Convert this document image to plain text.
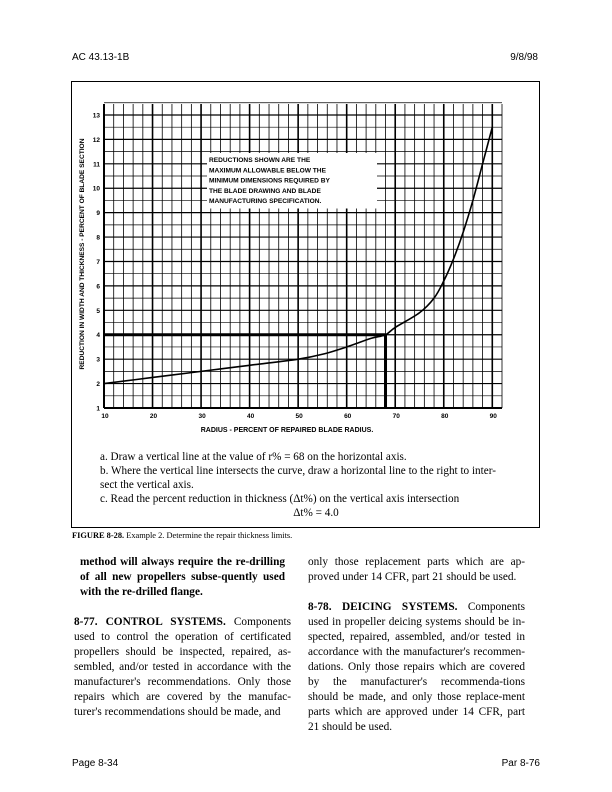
AC 43.13-1B	9/8/98
10	20	30	40	50	60	70	80	90
1
2
3
4
5
6
7
8
9
10
11
12
13
REDUCTIONS SHOWN ARE THE
MAXIMUM ALLOWABLE BELOW THE
MINIMUM DIMENSIONS REQUIRED BY
THE BLADE DRAWING AND BLADE
MANUFACTURING SPECIFICATION.
RADIUS - PERCENT OF REPAIRED BLADE RADIUS.
REDUCTION IN WIDTH AND THICKNESS - PERCENT OF BLADE SECTION
a. Draw a vertical line at the value of r% = 68 on the horizontal axis.
b. Where the vertical line intersects the curve, draw a horizontal line to the right to inter-
sect the vertical axis.
c. Read the percent reduction in thickness (Δt%) on the vertical axis intersection
Δt% = 4.0
FIGURE 8-28. Example 2. Determine the repair thickness limits.
method will always require the re-drilling of all new propellers subse-quently used with the re-drilled flange.
8-77. CONTROL SYSTEMS. Components used to control the operation of certificated propellers should be inspected, repaired, as-sembled, and/or tested in accordance with the manufacturer's recommendations. Only those repairs which are covered by the manufac-turer's recommendations should be made, and
only those replacement parts which are ap-proved under 14 CFR, part 21 should be used.
8-78. DEICING SYSTEMS. Components used in propeller deicing systems should be in-spected, repaired, assembled, and/or tested in accordance with the manufacturer's recommen-dations. Only those repairs which are covered by the manufacturer's recommenda-tions should be made, and only those replace-ment parts which are approved under 14 CFR, part 21 should be used.
Page 8-34	Par 8-76
